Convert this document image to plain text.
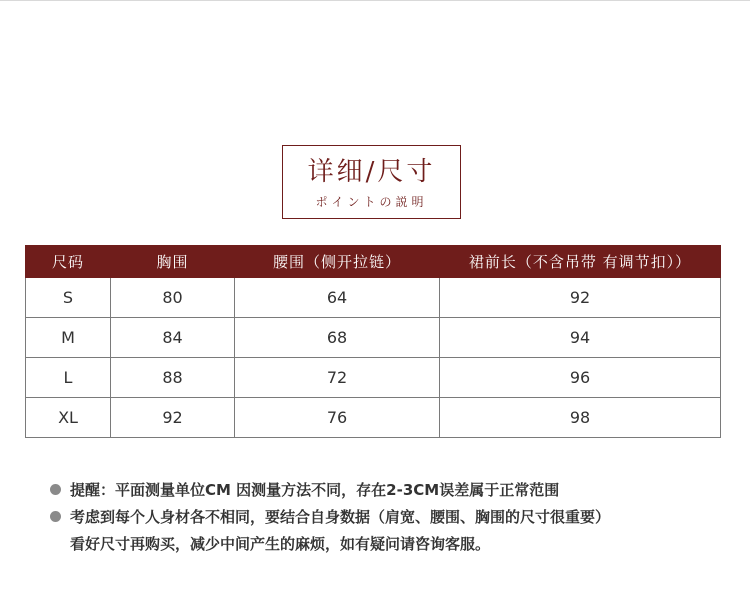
详细/尺寸
ポイントの説明
尺码	胸围	腰围（侧开拉链）	裙前长（不含吊带 有调节扣））
S	80	64	92
M	84	68	94
L	88	72	96
XL	92	76	98
提醒：平面测量单位CM 因测量方法不同，存在2-3CM误差属于正常范围
考虑到每个人身材各不相同，要结合自身数据（肩宽、腰围、胸围的尺寸很重要）
看好尺寸再购买，减少中间产生的麻烦，如有疑问请咨询客服。
